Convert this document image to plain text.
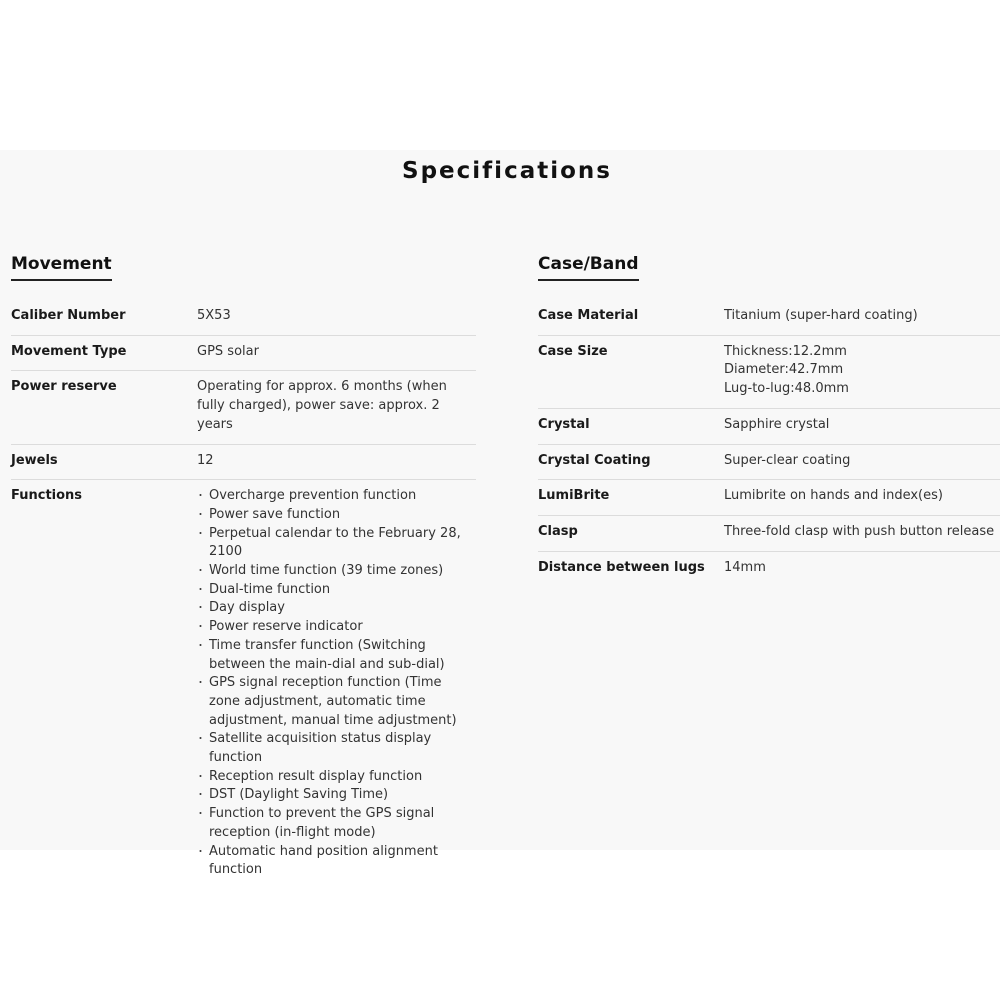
Specifications
Movement
Caliber Number	5X53
Movement Type	GPS solar
Power reserve	Operating for approx. 6 months (when fully charged), power save: approx. 2 years
Jewels	12
Functions
・	Overcharge prevention function
・ Power save function
・ Perpetual calendar to the February 28, 2100
・ World time function (39 time zones)
・ Dual-time function
・ Day display
・ Power reserve indicator
・ Time transfer function (Switching between the main-dial and sub-dial)
・ GPS signal reception function (Time zone adjustment, automatic time adjustment, manual time adjustment)
・ Satellite acquisition status display function
・ Reception result display function
・ DST (Daylight Saving Time)
・ Function to prevent the GPS signal reception (in-flight mode)
・ Automatic hand position alignment function
Case/Band
Case Material	Titanium (super-hard coating)
Case Size	Thickness:12.2mm
Diameter:42.7mm
Lug-to-lug:48.0mm
Crystal	Sapphire crystal
Crystal Coating	Super-clear coating
LumiBrite	Lumibrite on hands and index(es)
Clasp	Three-fold clasp with push button release
Distance between lugs	14mm
